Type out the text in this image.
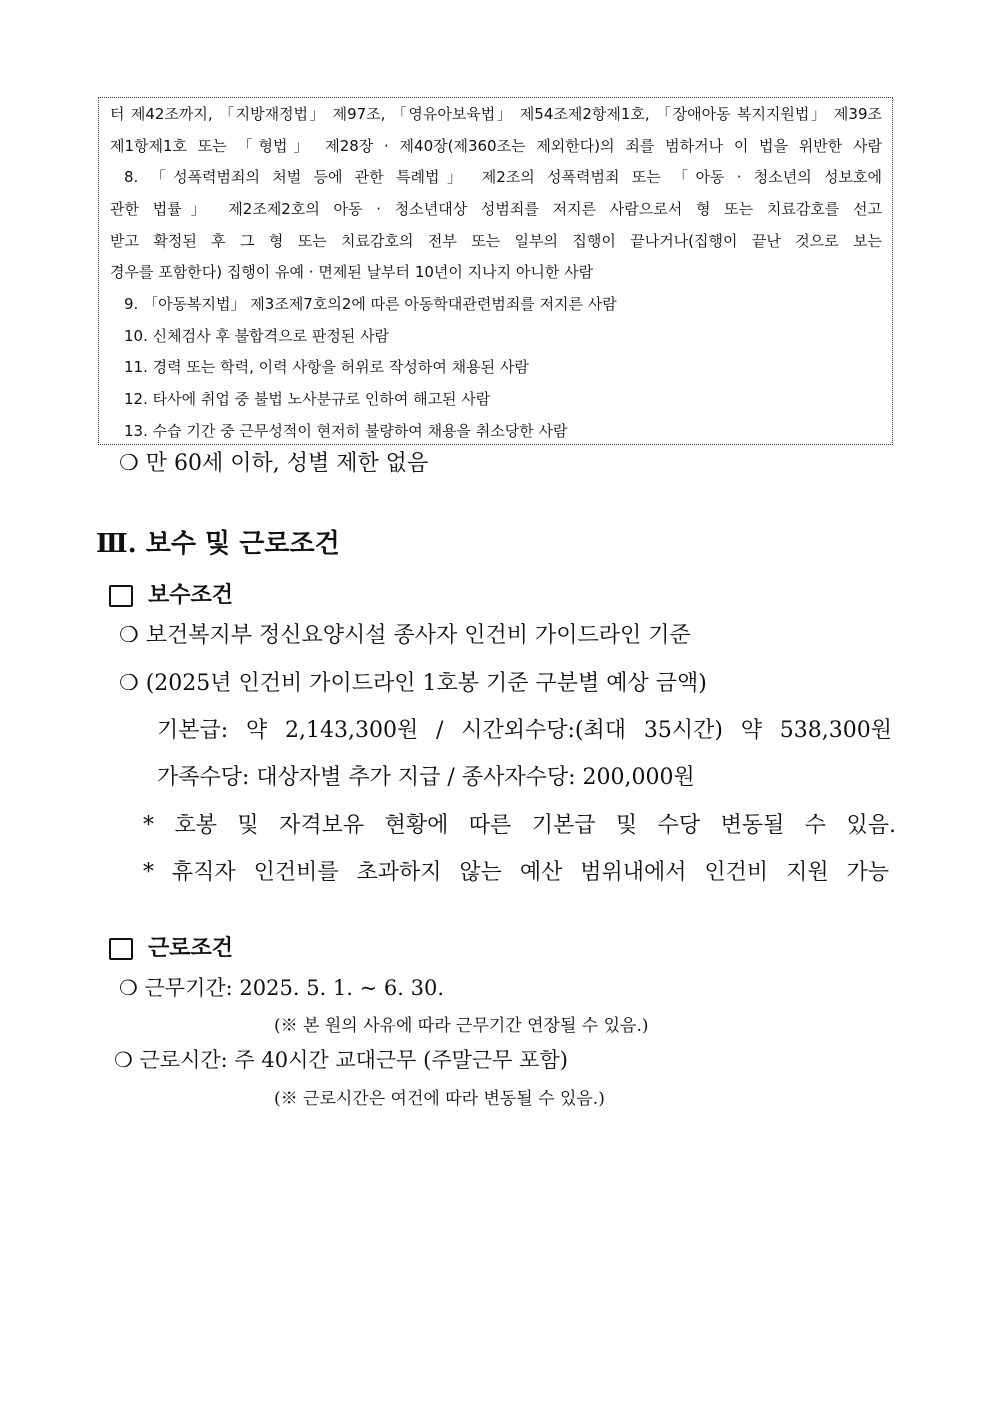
터 제42조까지, 「지방재정법」 제97조, 「영유아보육법」 제54조제2항제1호, 「장애아동 복지지원법」 제39조
제1항제1호 또는 「형법」 제28장 · 제40장(제360조는 제외한다)의 죄를 범하거나 이 법을 위반한 사람
8. 「성폭력범죄의 처벌 등에 관한 특례법」 제2조의 성폭력범죄 또는 「아동 · 청소년의 성보호에
관한 법률」 제2조제2호의 아동 · 청소년대상 성범죄를 저지른 사람으로서 형 또는 치료감호를 선고
받고 확정된 후 그 형 또는 치료감호의 전부 또는 일부의 집행이 끝나거나(집행이 끝난 것으로 보는
경우를 포함한다) 집행이 유예 · 면제된 날부터 10년이 지나지 아니한 사람
9. 「아동복지법」 제3조제7호의2에 따른 아동학대관련범죄를 저지른 사람
10. 신체검사 후 불합격으로 판정된 사람
11. 경력 또는 학력, 이력 사항을 허위로 작성하여 채용된 사람
12. 타사에 취업 중 불법 노사분규로 인하여 해고된 사람
13. 수습 기간 중 근무성적이 현저히 불량하여 채용을 취소당한 사람
❍ 만 60세 이하, 성별 제한 없음
Ⅲ. 보수 및 근로조건
보수조건
❍ 보건복지부 정신요양시설 종사자 인건비 가이드라인 기준
❍ (2025년 인건비 가이드라인 1호봉 기준 구분별 예상 금액)
기본급: 약 2,143,300원 / 시간외수당:(최대 35시간) 약 538,300원
가족수당: 대상자별 추가 지급 / 종사자수당: 200,000원
* 호봉 및 자격보유 현황에 따른 기본급 및 수당 변동될 수 있음.
* 휴직자 인건비를 초과하지 않는 예산 범위내에서 인건비 지원 가능
근로조건
❍ 근무기간: 2025. 5. 1. ~ 6. 30.
(※ 본 원의 사유에 따라 근무기간 연장될 수 있음.)
❍ 근로시간: 주 40시간 교대근무 (주말근무 포함)
(※ 근로시간은 여건에 따라 변동될 수 있음.)
